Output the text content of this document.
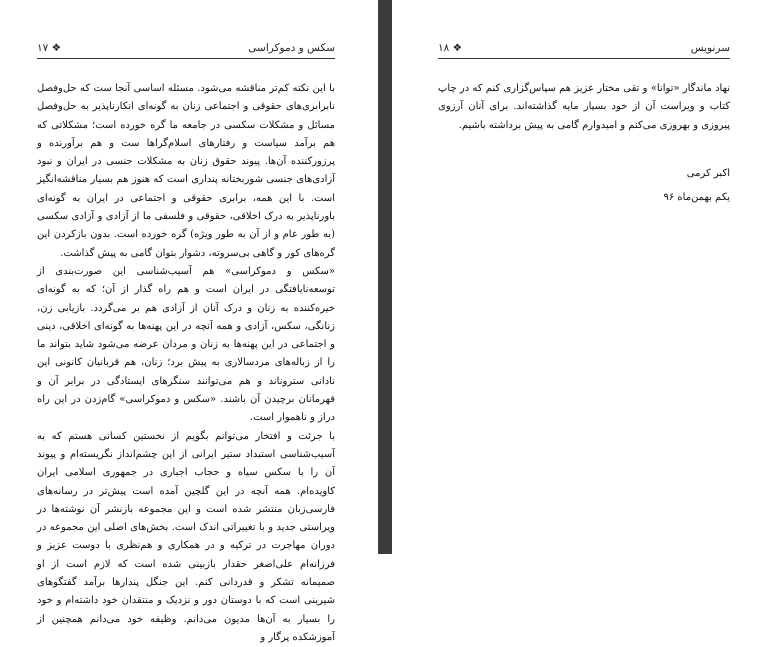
سکس و دموکراسی
۱۷ ❖

با این نکته کم‌تر مناقشه می‌شود. مسئله اساسی آنجا ست که حل‌وفصل نابرابری‌های حقوقی و اجتماعی زنان به گونه‌ای انکارناپذیر به حل‌وفصل مسائل و مشکلات سکسی در جامعه ما گره خورده است؛ مشکلاتی که هم برآمد سیاست و رفتارهای اسلام‌گراها ست و هم برآورنده و پرزورکننده آن‌ها. پیوند حقوق زنان به مشکلات جنسی در ایران و نبود آزادی‌های جنسی شوربختانه پنداری است که هنوز هم بسیار مناقشه‌انگیز است. با این همه، برابری حقوقی و اجتماعی در ایران به گونه‌ای باورناپذیر به درک اخلاقی، حقوقی و فلسفی ما از آزادی و آزادی سکسی (به طور عام و از آن به طور ویژه) گره خورده است. بدون بازکردن این گره‌های کور و گاهی بی‌سروته، دشوار بتوان گامی به پیش گذاشت.

«سکس و دموکراسی» هم آسیب‌شناسی این صورت‌بندی از توسعه‌نایافتگی در ایران است و هم راه گذار از آن؛ که به گونه‌ای خیره‌کننده به زنان و درک آنان از آزادی هم بر می‌گردد. بازیابی زن، زنانگی، سکس، آزادی و همه آنچه در این پهنه‌ها به گونه‌ای اخلاقی، دینی و اجتماعی در این پهنه‌ها به زنان و مردان عرضه می‌شود شاید بتواند ما را از زباله‌های مردسالاری به پیش برد؛ زنان، هم قربانیان کانونی این نادانی ستروناند و هم می‌توانند سنگرهای ایستادگی در برابر آن و قهرمانان برچیدن آن باشند. «سکس و دموکراسی» گام‌زدن در این راه دراز و ناهموار است.

با جرئت و افتخار می‌توانم بگویم از نخستین کسانی هستم که به آسیب‌شناسی استبداد ستیر ایرانی از این چشم‌انداز نگریسته‌ام و پیوند آن را با سکس سیاه و حجاب اجباری در جمهوری اسلامی ایران کاویده‌ام. همه آنچه در این گلچین آمده است پیش‌تر در رسانه‌های فارسی‌زبان منتشر شده است و این مجموعه بازنشر آن نوشته‌ها در ویراستی جدید و با تغییراتی اندک است. بخش‌های اصلی این مجموعه در دوران مهاجرت در ترکیه و در همکاری و هم‌نظری با دوست عزیز و فرزانه‌ام علی‌اصغر حقدار بازبینی شده است که لازم است از او صمیمانه تشکر و قدردانی کنم. این جنگل پندارها برآمد گفتگوهای شیرینی است که با دوستان دور و نزدیک و منتقدان خود داشته‌ام و خود را بسیار به آن‌ها مدیون می‌دانم. وظیفه خود می‌دانم همچنین از آموزشکده پرگار و

سرنویس
۱۸ ❖

نهاد ماندگار «توانا» و تقی مختار عزیز هم سپاس‌گزاری کنم که در چاپ کتاب و ویراست آن از خود بسیار مایه گذاشته‌اند. برای آنان آرزوی پیروزی و بهروزی می‌کنم و امیدوارم گامی به پیش برداشته باشیم.

اکبر کرمی
یکم بهمن‌ماه ۹۶
